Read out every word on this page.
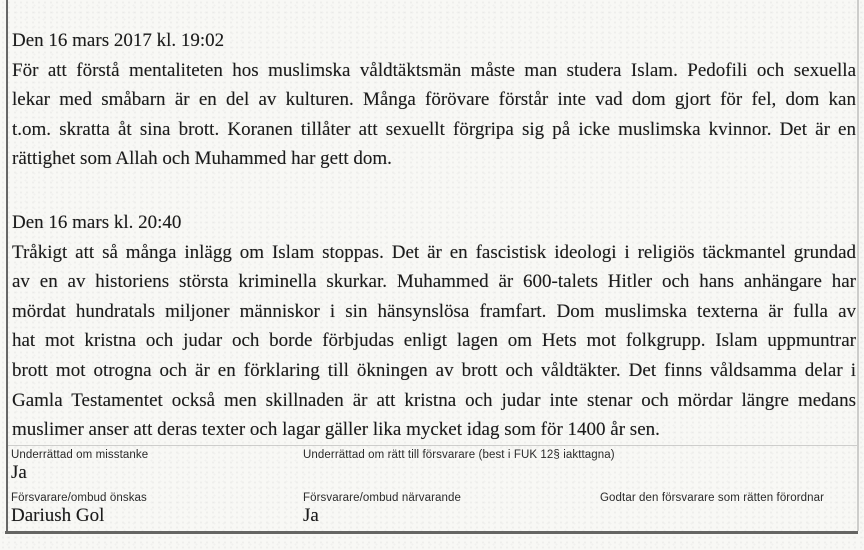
Den 16 mars 2017 kl. 19:02
För att förstå mentaliteten hos muslimska våldtäktsmän måste man studera Islam. Pedofili och sexuella
lekar med småbarn är en del av kulturen. Många förövare förstår inte vad dom gjort för fel, dom kan
t.om. skratta åt sina brott. Koranen tillåter att sexuellt förgripa sig på icke muslimska kvinnor. Det är en
rättighet som Allah och Muhammed har gett dom.
Den 16 mars kl. 20:40
Tråkigt att så många inlägg om Islam stoppas. Det är en fascistisk ideologi i religiös täckmantel grundad
av en av historiens största kriminella skurkar. Muhammed är 600-talets Hitler och hans anhängare har
mördat hundratals miljoner människor i sin hänsynslösa framfart. Dom muslimska texterna är fulla av
hat mot kristna och judar och borde förbjudas enligt lagen om Hets mot folkgrupp. Islam uppmuntrar
brott mot otrogna och är en förklaring till ökningen av brott och våldtäkter. Det finns våldsamma delar i
Gamla Testamentet också men skillnaden är att kristna och judar inte stenar och mördar längre medans
muslimer anser att deras texter och lagar gäller lika mycket idag som för 1400 år sen.
Underrättad om misstanke
Ja
Underrättad om rätt till försvarare (best i FUK 12§ iakttagna)
Försvarare/ombud önskas
Dariush Gol
Försvarare/ombud närvarande
Ja
Godtar den försvarare som rätten förordnar
